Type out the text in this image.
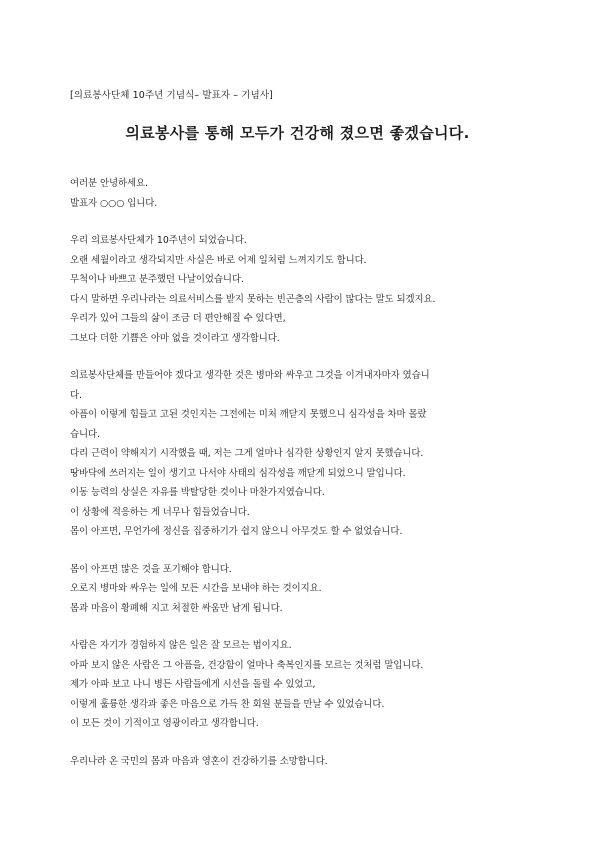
[의료봉사단체 10주년 기념식– 발표자 – 기념사]
의료봉사를 통해 모두가 건강해 졌으면 좋겠습니다.
여러분 안녕하세요.
발표자 ○○○ 입니다.
우리 의료봉사단체가 10주년이 되었습니다.
오랜 세월이라고 생각되지만 사실은 바로 어제 일처럼 느껴지기도 합니다.
무척이나 바쁘고 분주했던 나날이었습니다.
다시 말하면 우리나라는 의료서비스를 받지 못하는 빈곤층의 사람이 많다는 말도 되겠지요.
우리가 있어 그들의 삶이 조금 더 편안해질 수 있다면,
그보다 더한 기쁨은 아마 없을 것이라고 생각합니다.
의료봉사단체를 만들어야 겠다고 생각한 것은 병마와 싸우고 그것을 이겨내자마자 였습니
다.
아픔이 이렇게 힘들고 고된 것인지는 그전에는 미처 깨닫지 못했으니 심각성을 차마 몰랐
습니다.
다리 근력이 약해지기 시작했을 때, 저는 그게 얼마나 심각한 상황인지 알지 못했습니다.
땅바닥에 쓰러지는 일이 생기고 나서야 사태의 심각성을 깨닫게 되었으니 말입니다.
이동 능력의 상실은 자유를 박탈당한 것이나 마찬가지였습니다.
이 상황에 적응하는 게 너무나 힘들었습니다.
몸이 아프면, 무언가에 정신을 집중하기가 쉽지 않으니 아무것도 할 수 없었습니다.
몸이 아프면 많은 것을 포기해야 합니다.
오로지 병마와 싸우는 일에 모든 시간을 보내야 하는 것이지요.
몸과 마음이 황폐해 지고 처절한 싸움만 남게 됩니다.
사람은 자기가 경험하지 않은 일은 잘 모르는 법이지요.
아파 보지 않은 사람은 그 아픔을, 건강함이 얼마나 축복인지를 모르는 것처럼 말입니다.
제가 아파 보고 나니 병든 사람들에게 시선을 돌릴 수 있었고,
이렇게 훌륭한 생각과 좋은 마음으로 가득 찬 회원 분들을 만날 수 있었습니다.
이 모든 것이 기적이고 영광이라고 생각합니다.
우리나라 온 국민의 몸과 마음과 영혼이 건강하기를 소망합니다.
